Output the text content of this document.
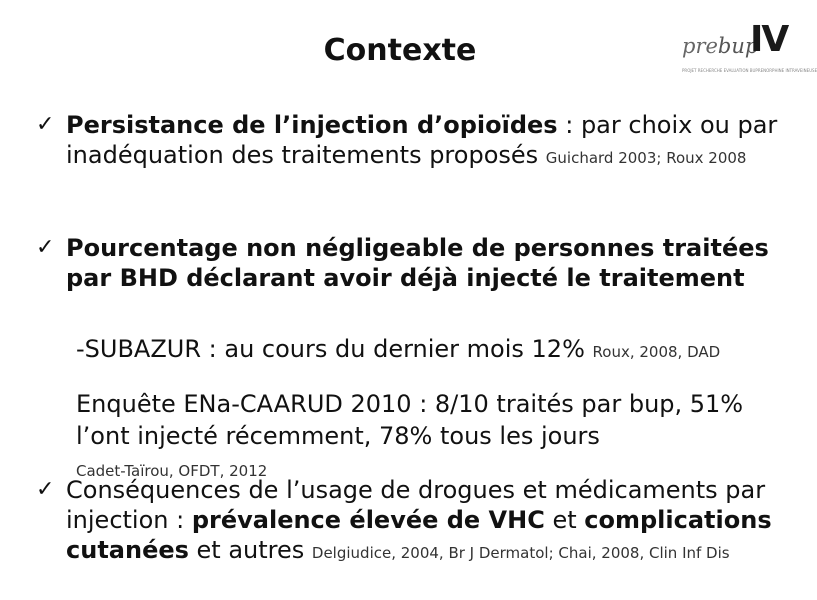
Contexte	prebup
IV
PROJET RECHERCHE EVALUATION BUPRENORPHINE INTRAVEINEUSE
✓ Persistance de l’injection d’opioïdes : par choix ou par inadéquation des traitements proposés Guichard 2003; Roux 2008
✓ Pourcentage non négligeable de personnes traitées par BHD déclarant avoir déjà injecté le traitement
-SUBAZUR : au cours du dernier mois 12% Roux, 2008, DAD
Enquête ENa-CAARUD 2010 : 8/10 traités par bup, 51% l’ont injecté récemment, 78% tous les jours
Cadet-Taïrou, OFDT, 2012
✓ Conséquences de l’usage de drogues et médicaments par injection : prévalence élevée de VHC et complications cutanées et autres Delgiudice, 2004, Br J Dermatol; Chai, 2008, Clin Inf Dis
